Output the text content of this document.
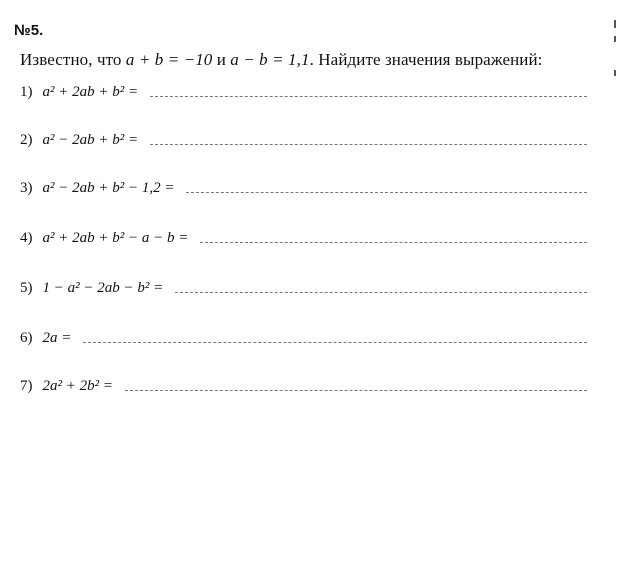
№5.
Известно, что a + b = −10 и a − b = 1,1. Найдите значения выражений:
1) a² + 2ab + b² =
2) a² − 2ab + b² =
3) a² − 2ab + b² − 1,2 =
4) a² + 2ab + b² − a − b =
5) 1 − a² − 2ab − b² =
6) 2a =
7) 2a² + 2b² =
